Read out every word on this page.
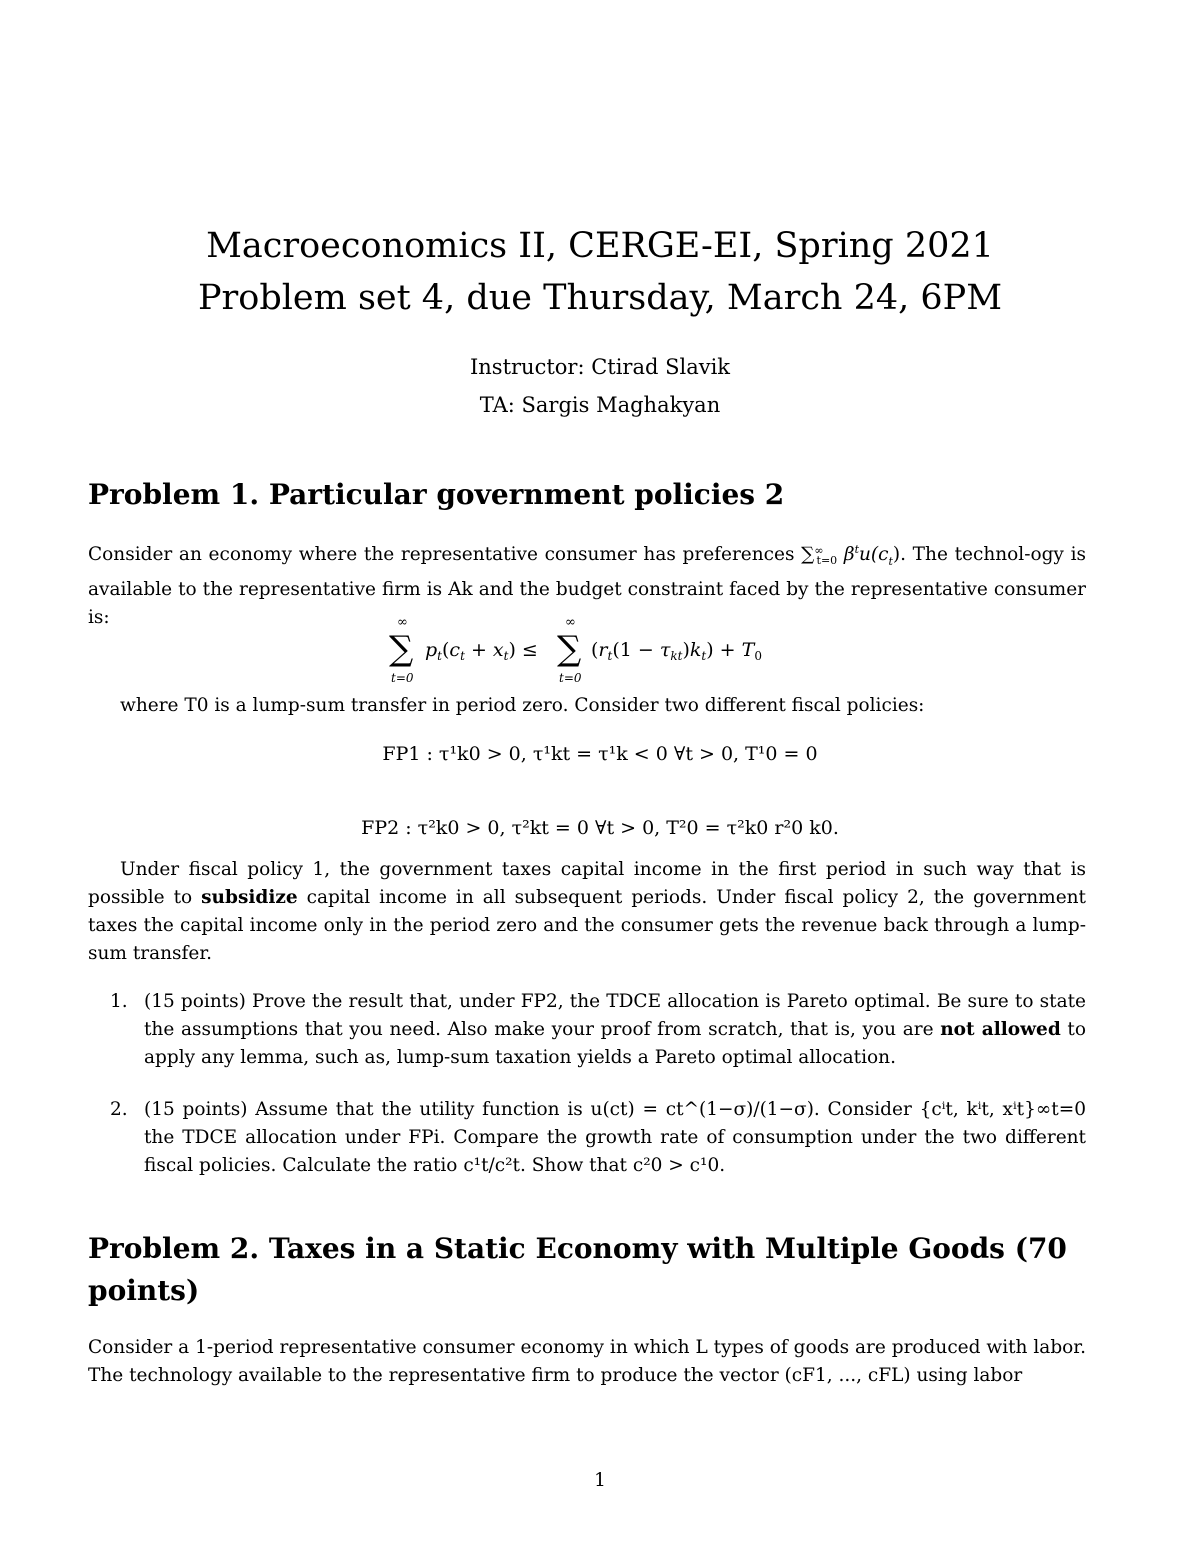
Macroeconomics II, CERGE-EI, Spring 2021
Problem set 4, due Thursday, March 24, 6PM
Instructor: Ctirad Slavik
TA: Sargis Maghakyan
Problem 1. Particular government policies 2
Consider an economy where the representative consumer has preferences $\sum^\infty_{t=0}$ $\beta^tu(c_t)$. The technol-ogy is available to the representative firm is Ak and the budget constraint faced by the representative consumer is:	∞
∑
t=0
$p_t(c_t + x_t)$ ≤
∞
∑
t=0
$(r_t(1 - \tau_{kt})k_t) + T_0$
where T0 is a lump-sum transfer in period zero. Consider two different fiscal policies:
FP1 : τ¹k0 > 0, τ¹kt = τ¹k < 0 ∀t > 0, T¹0 = 0
FP2 : τ²k0 > 0, τ²kt = 0 ∀t > 0, T²0 = τ²k0 r²0 k0.
Under fiscal policy 1, the government taxes capital income in the first period in such way that is possible to subsidize capital income in all subsequent periods. Under fiscal policy 2, the government taxes the capital income only in the period zero and the consumer gets the revenue back through a lump-sum transfer.
1. (15 points) Prove the result that, under FP2, the TDCE allocation is Pareto optimal. Be sure to state the assumptions that you need. Also make your proof from scratch, that is, you are not allowed to apply any lemma, such as, lump-sum taxation yields a Pareto optimal allocation.
2. (15 points) Assume that the utility function is u(ct) = ct^(1−σ)/(1−σ). Consider {cⁱt, kⁱt, xⁱt}∞t=0 the TDCE allocation under FPi. Compare the growth rate of consumption under the two different fiscal policies. Calculate the ratio c¹t/c²t. Show that c²0 > c¹0.
Problem 2. Taxes in a Static Economy with Multiple Goods (70
points)
Consider a 1-period representative consumer economy in which L types of goods are produced with labor. The technology available to the representative firm to produce the vector (cF1, ..., cFL) using labor
1
